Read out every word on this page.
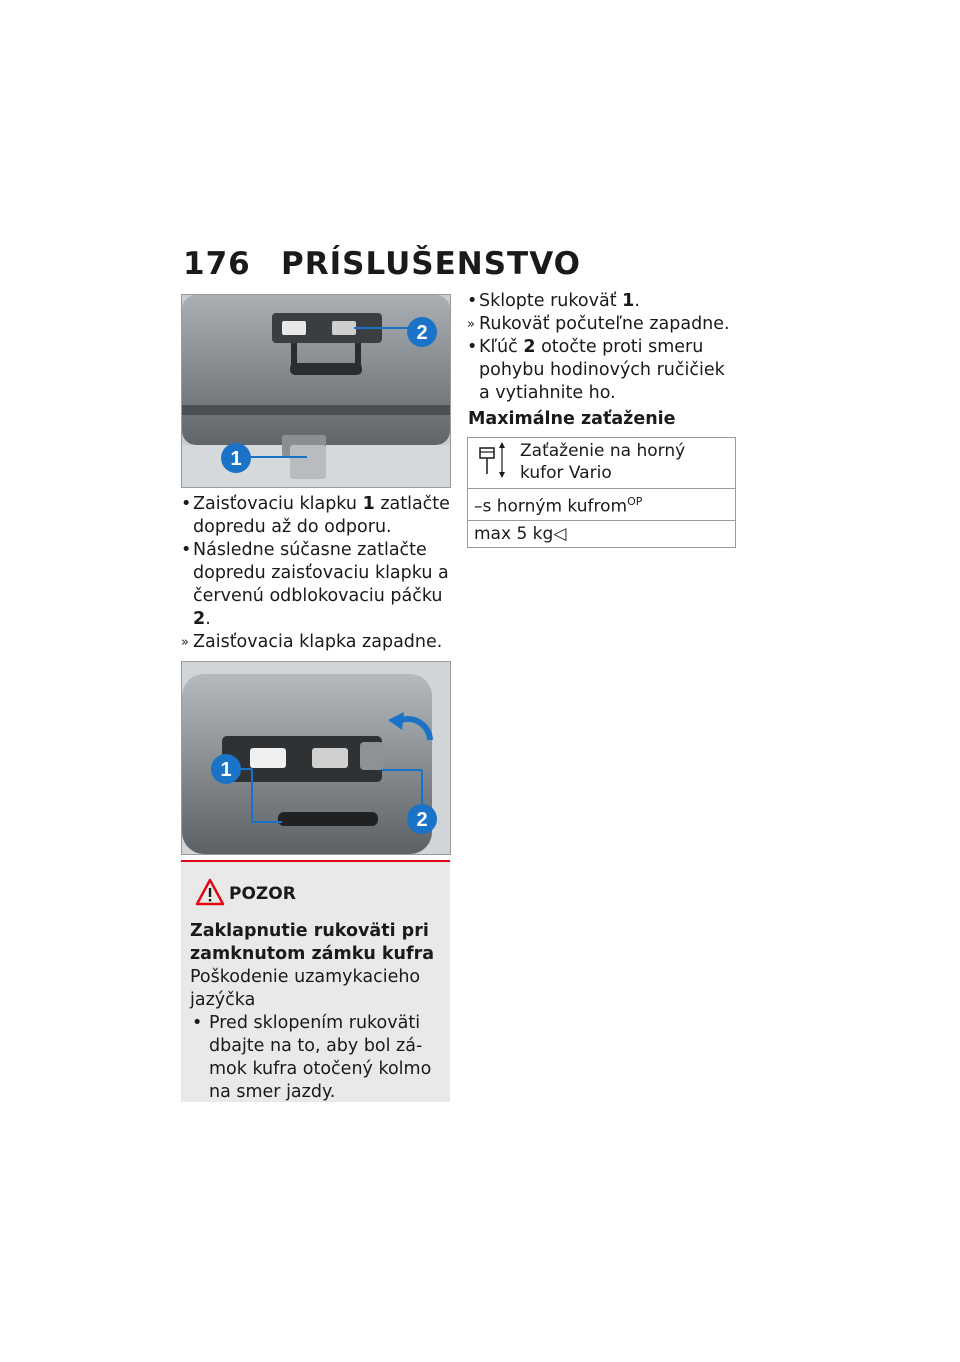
176 PRÍSLUŠENSTVO
2
1
• Zaisťovaciu klapku 1 zatlačte dopredu až do odporu.
• Následne súčasne zatlačte dopredu zaisťovaciu klapku a červenú odblokovaciu páčku 2.
» Zaisťovacia klapka zapadne.
1
2
POZOR
Zaklapnutie rukoväti pri zamknutom zámku kufra
Poškodenie uzamykacieho jazýčka
• Pred sklopením rukoväti dbajte na to, aby bol zámok kufra otočený kolmo na smer jazdy.
• Sklopte rukoväť 1.
» Rukoväť počuteľne zapadne.
• Kľúč 2 otočte proti smeru pohybu hodinových ručičiek a vytiahnite ho.
Maximálne zaťaženie
Zaťaženie na horný kufor Vario

–s horným kufrom$^{OP}$
max 5 kg◁
